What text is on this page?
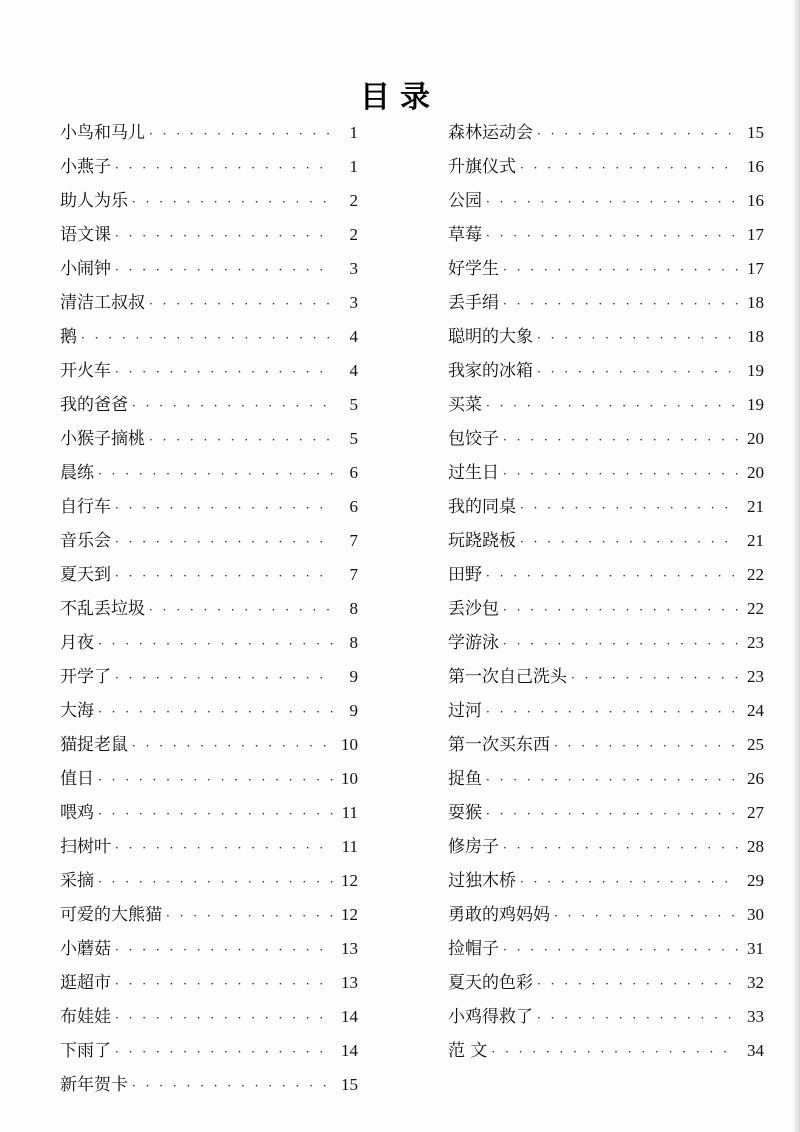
目录
小鸟和马儿 · · ·	1
小燕子 · · ·	1
助人为乐 · · ·	2
语文课 · · ·	2
小闹钟 · · ·	3
清洁工叔叔 · · ·	3
鹅 · · ·	4
开火车 · · ·	4
我的爸爸 · · ·	5
小猴子摘桃 · · ·	5
晨练 · · ·	6
自行车 · · ·	6
音乐会 · · ·	7
夏天到 · · ·	7
不乱丢垃圾 · · ·	8
月夜 · · ·	8
开学了 · · ·	9
大海 · · ·	9
猫捉老鼠 · · ·	10
值日 · · ·	10
喂鸡 · · ·	11
扫树叶 · · ·	11
采摘 · · ·	12
可爱的大熊猫 · · ·	12
小蘑菇 · · ·	13
逛超市 · · ·	13
布娃娃 · · ·	14
下雨了 · · ·	14
新年贺卡 · · ·	15
森林运动会 · · ·	15
升旗仪式 · · ·	16
公园 · · ·	16
草莓 · · ·	17
好学生 · · ·	17
丢手绢 · · ·	18
聪明的大象 · · ·	18
我家的冰箱 · · ·	19
买菜 · · ·	19
包饺子 · · ·	20
过生日 · · ·	20
我的同桌 · · ·	21
玩跷跷板 · · ·	21
田野 · · ·	22
丢沙包 · · ·	22
学游泳 · · ·	23
第一次自己洗头 · · ·	23
过河 · · ·	24
第一次买东西 · · ·	25
捉鱼 · · ·	26
耍猴 · · ·	27
修房子 · · ·	28
过独木桥 · · ·	29
勇敢的鸡妈妈 · · ·	30
捡帽子 · · ·	31
夏天的色彩 · · ·	32
小鸡得救了 · · ·	33
范 文 · · ·	34
